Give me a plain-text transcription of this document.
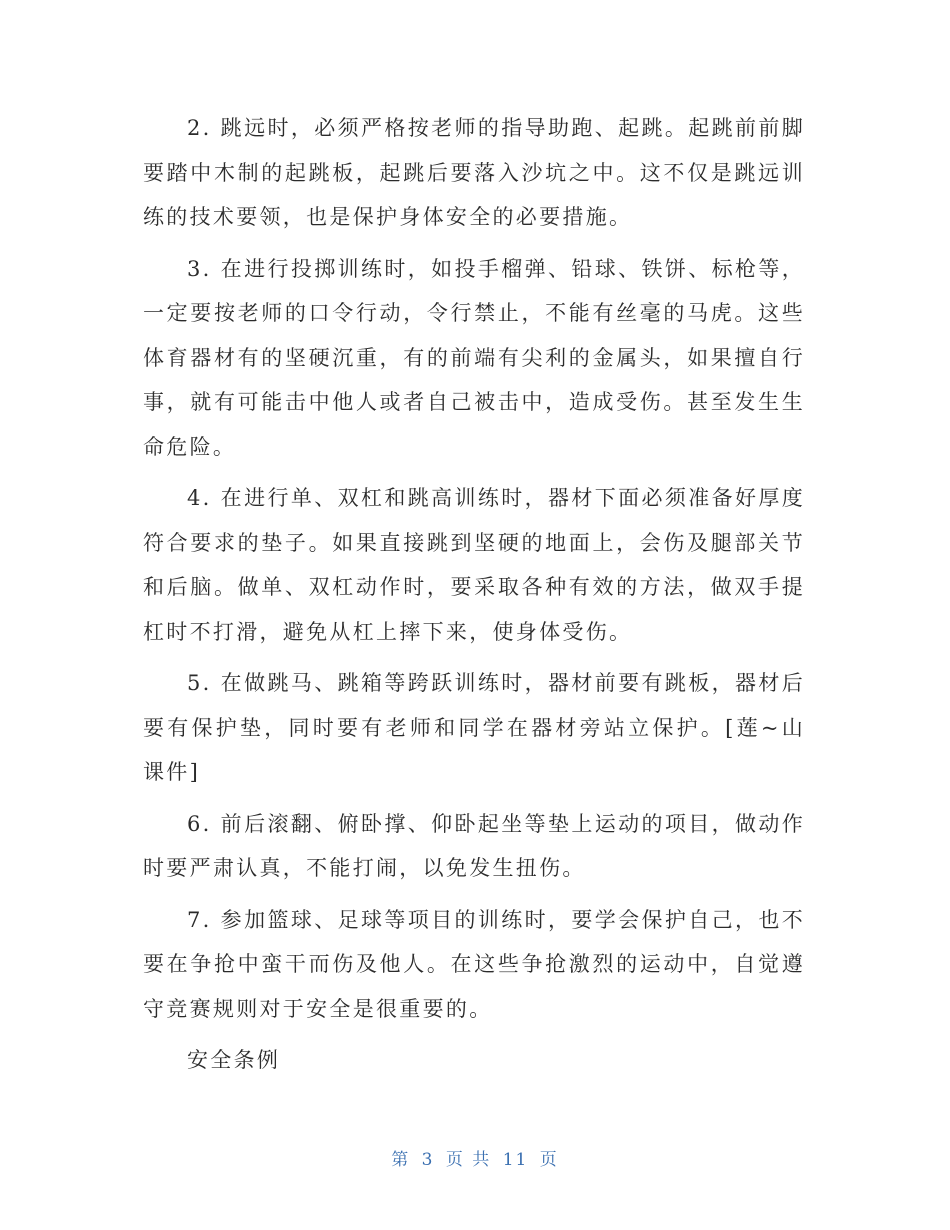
2. 跳远时，必须严格按老师的指导助跑、起跳。起跳前前脚要踏中木制的起跳板，起跳后要落入沙坑之中。这不仅是跳远训练的技术要领，也是保护身体安全的必要措施。

3. 在进行投掷训练时，如投手榴弹、铅球、铁饼、标枪等，一定要按老师的口令行动，令行禁止，不能有丝毫的马虎。这些体育器材有的坚硬沉重，有的前端有尖利的金属头，如果擅自行事，就有可能击中他人或者自己被击中，造成受伤。甚至发生生命危险。

4. 在进行单、双杠和跳高训练时，器材下面必须准备好厚度符合要求的垫子。如果直接跳到坚硬的地面上，会伤及腿部关节和后脑。做单、双杠动作时，要采取各种有效的方法，做双手提杠时不打滑，避免从杠上摔下来，使身体受伤。

5. 在做跳马、跳箱等跨跃训练时，器材前要有跳板，器材后要有保护垫，同时要有老师和同学在器材旁站立保护。[莲~山 课件]

6. 前后滚翻、俯卧撑、仰卧起坐等垫上运动的项目，做动作时要严肃认真，不能打闹，以免发生扭伤。

7. 参加篮球、足球等项目的训练时，要学会保护自己，也不要在争抢中蛮干而伤及他人。在这些争抢激烈的运动中，自觉遵守竞赛规则对于安全是很重要的。

安全条例

第 3 页 共 11 页
